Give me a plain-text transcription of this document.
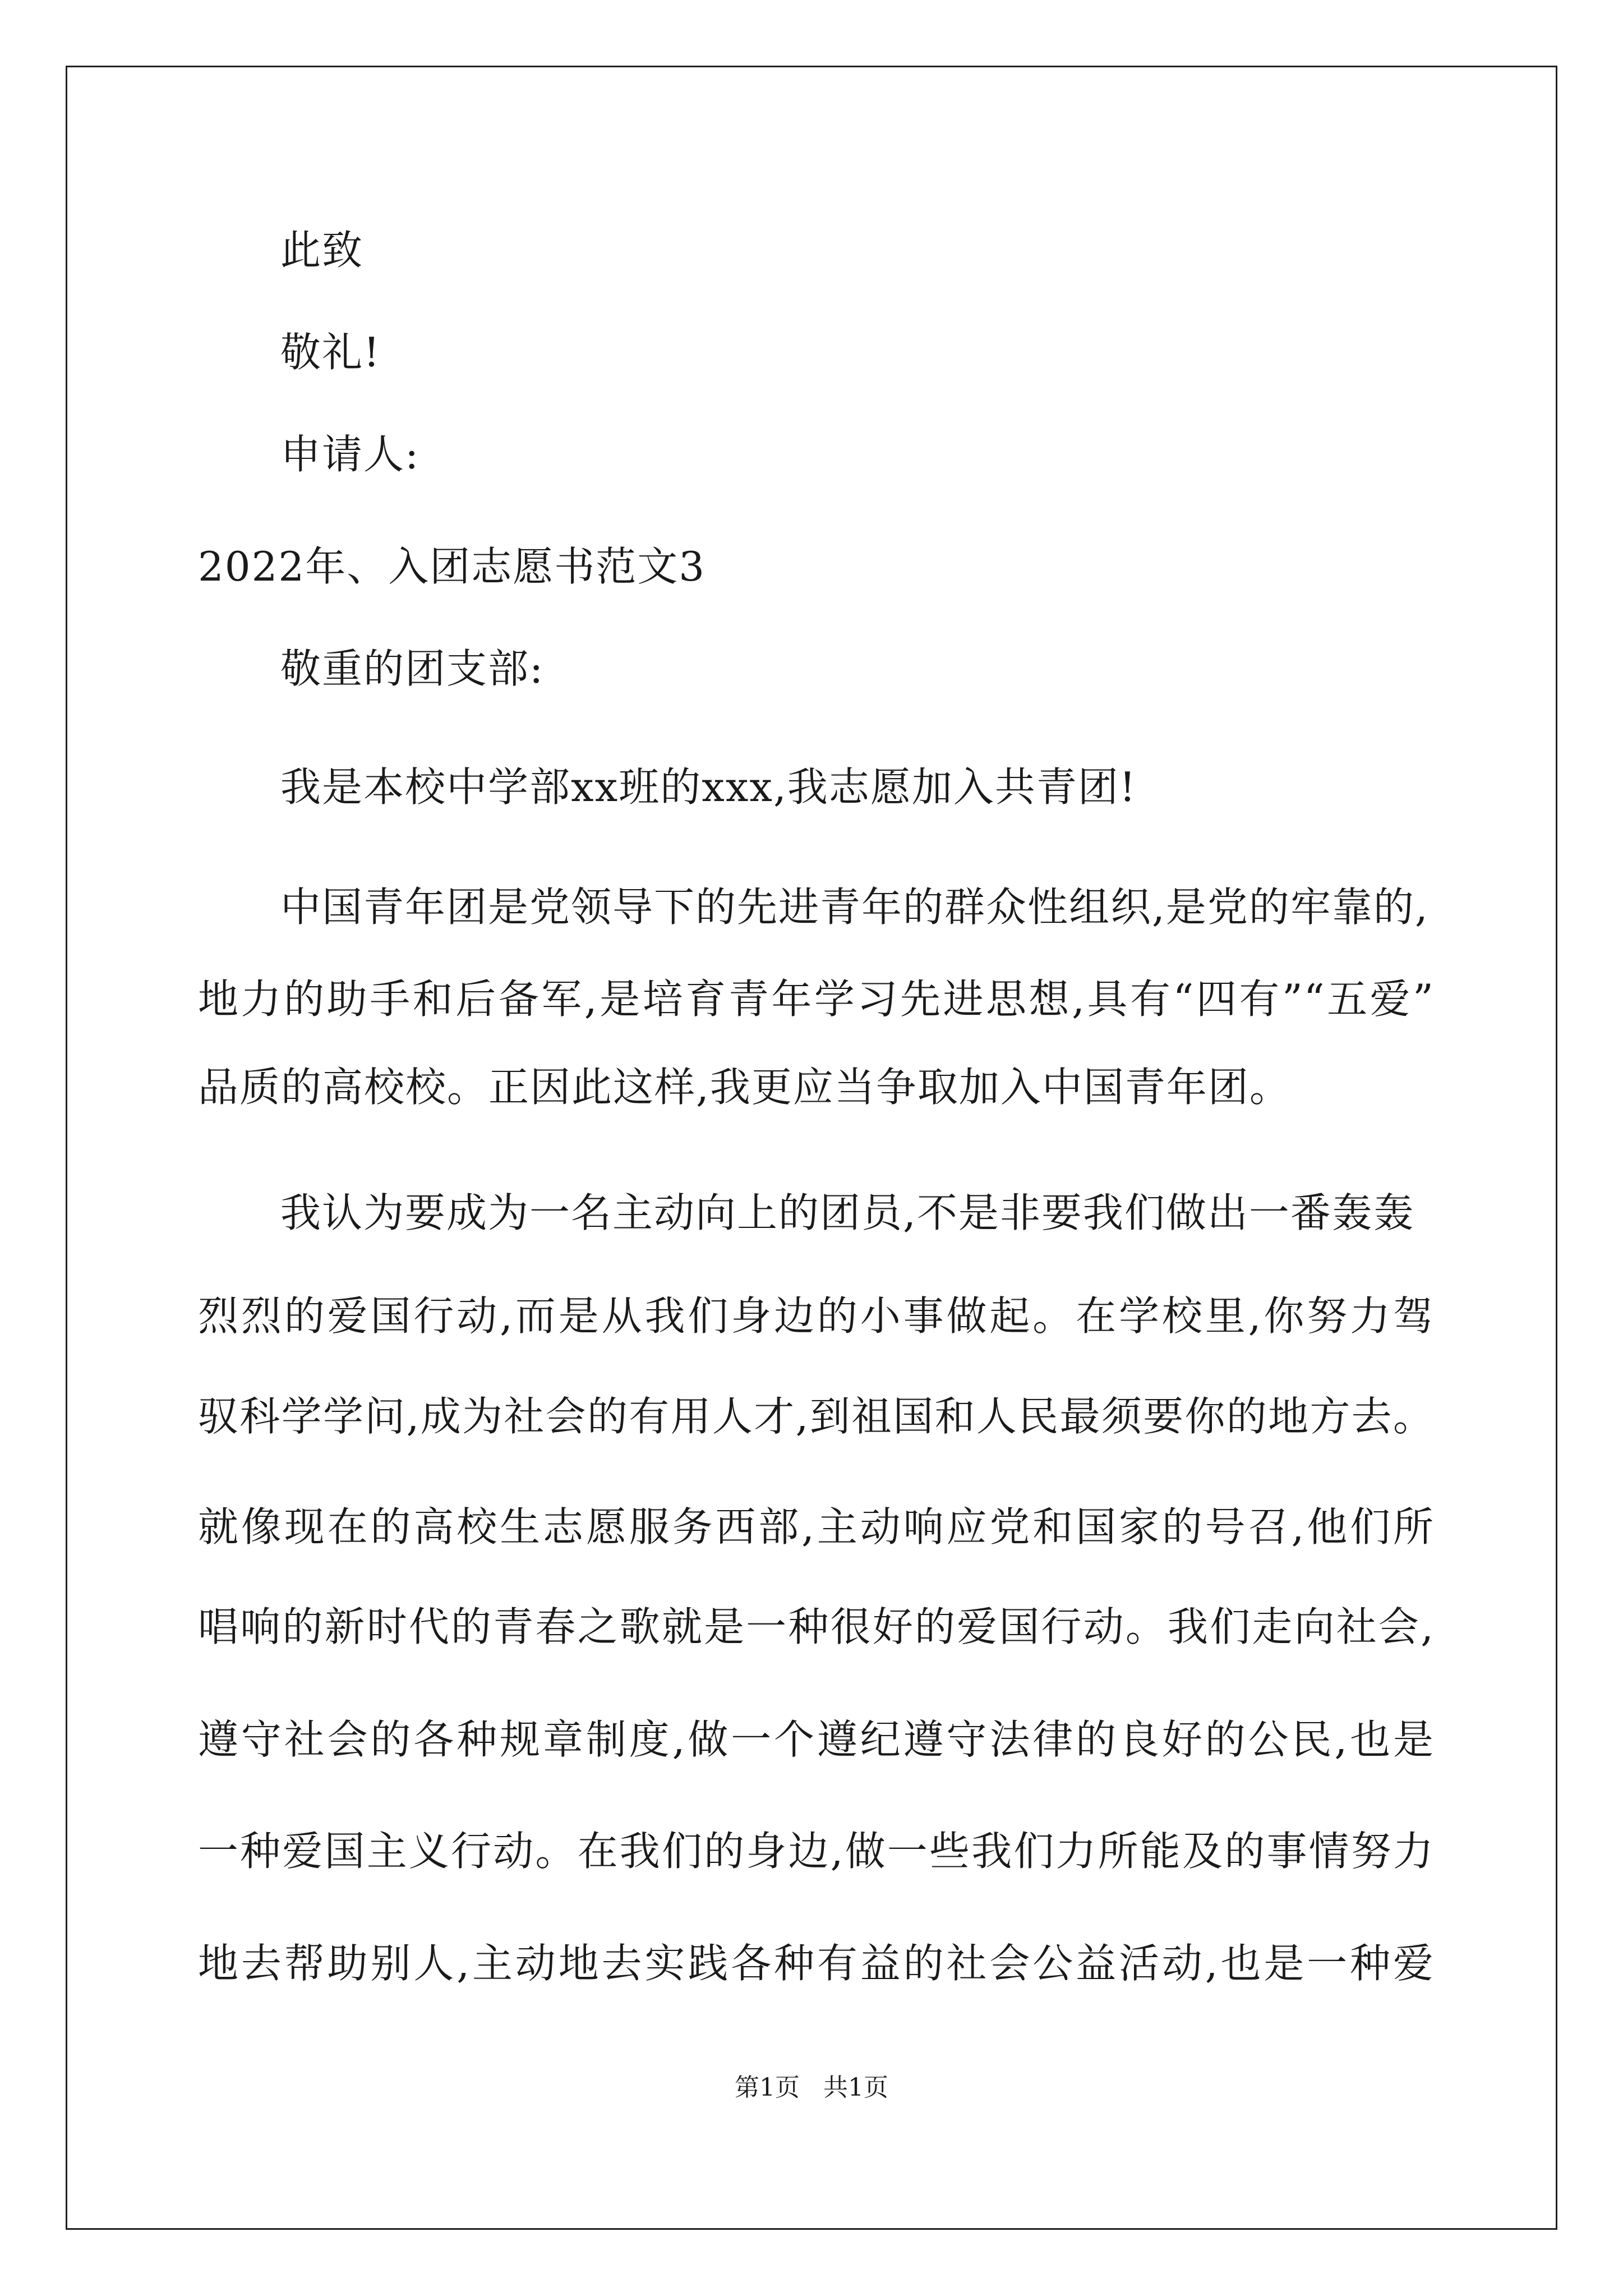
此致
敬礼!
申请人:
2022年、入团志愿书范文3
敬重的团支部:
我是本校中学部xx班的xxx,我志愿加入共青团!
中国青年团是党领导下的先进青年的群众性组织,是党的牢靠的,
地力的助手和后备军,是培育青年学习先进思想,具有“四有”“五爱”
品质的高校校。正因此这样,我更应当争取加入中国青年团。
我认为要成为一名主动向上的团员,不是非要我们做出一番轰轰
烈烈的爱国行动,而是从我们身边的小事做起。在学校里,你努力驾
驭科学学问,成为社会的有用人才,到祖国和人民最须要你的地方去。
就像现在的高校生志愿服务西部,主动响应党和国家的号召,他们所
唱响的新时代的青春之歌就是一种很好的爱国行动。我们走向社会,
遵守社会的各种规章制度,做一个遵纪遵守法律的良好的公民,也是
一种爱国主义行动。在我们的身边,做一些我们力所能及的事情努力
地去帮助别人,主动地去实践各种有益的社会公益活动,也是一种爱
第1页   共1页
